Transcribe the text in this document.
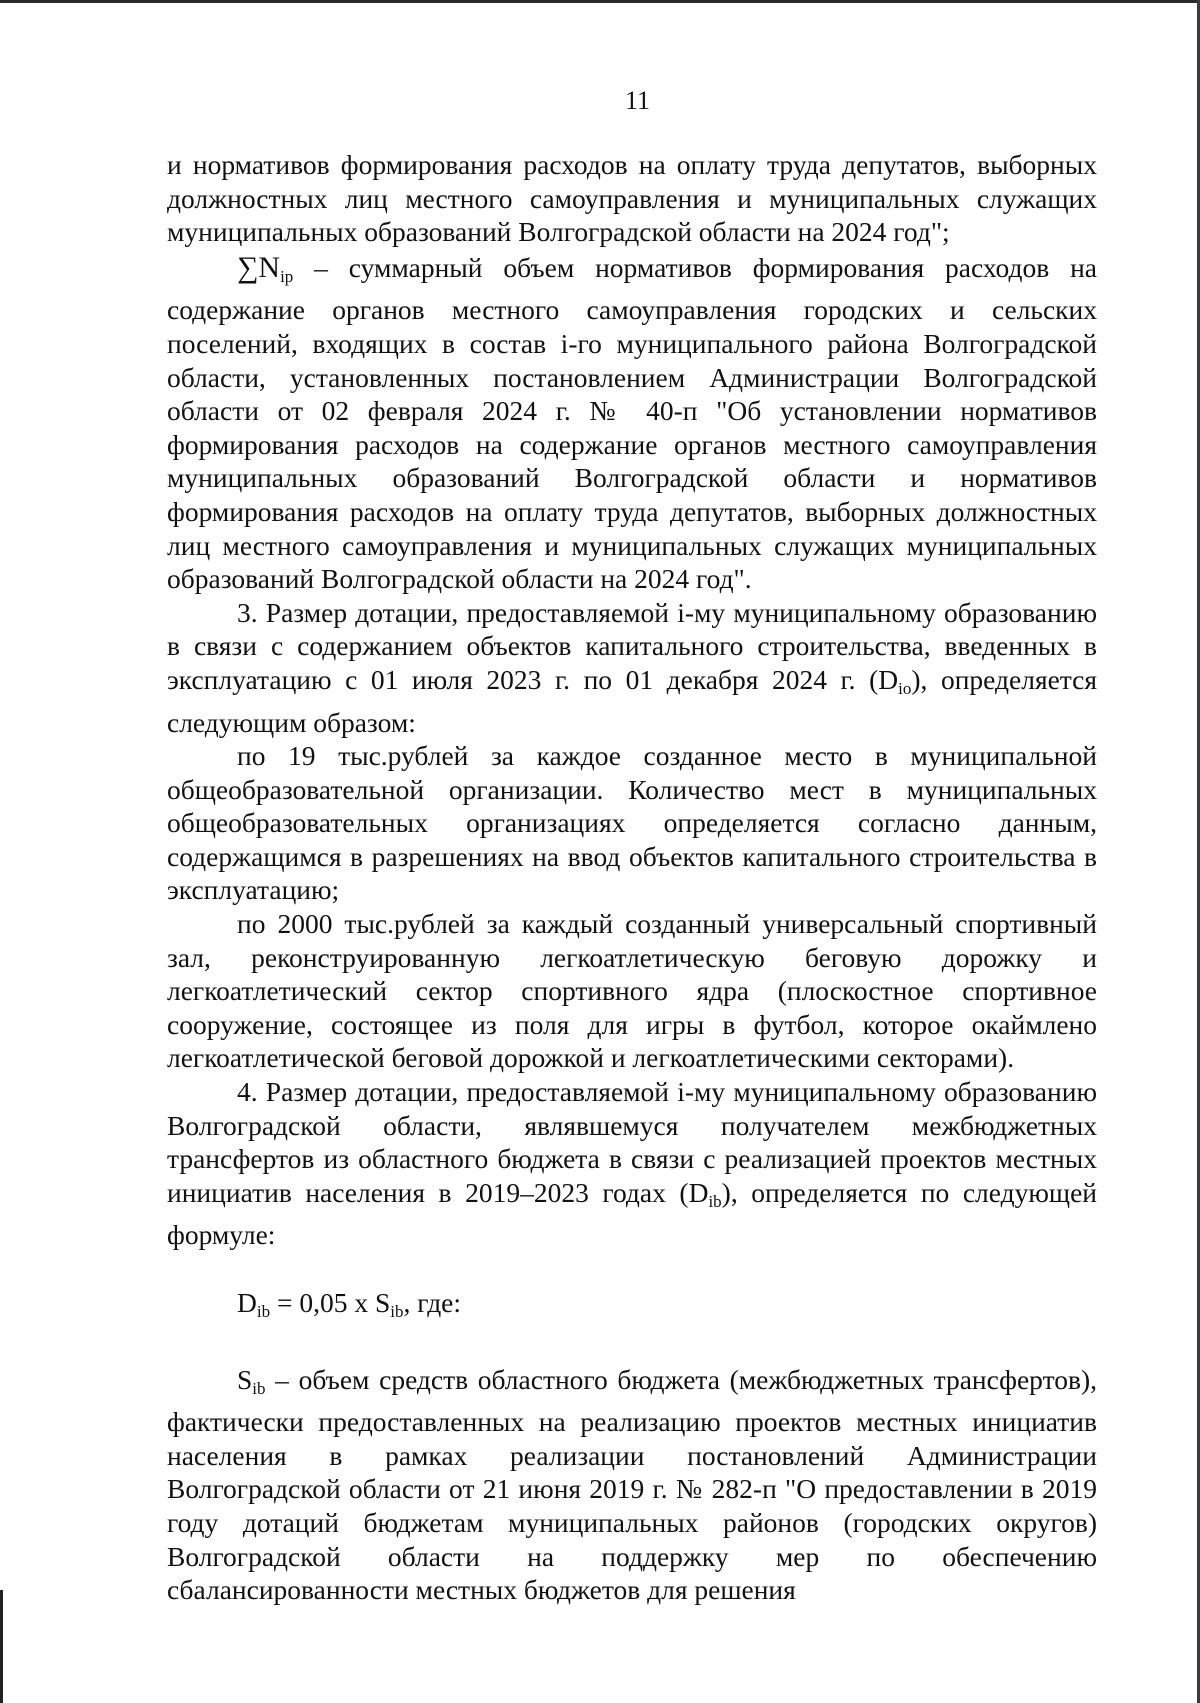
11

и нормативов формирования расходов на оплату труда депутатов, выборных должностных лиц местного самоуправления и муниципальных служащих муниципальных образований Волгоградской области на 2024 год";

$\sum N_{ip}$ – суммарный объем нормативов формирования расходов на содержание органов местного самоуправления городских и сельских поселений, входящих в состав i-го муниципального района Волгоградской области, установленных постановлением Администрации Волгоградской области от 02 февраля 2024 г. № 40-п "Об установлении нормативов формирования расходов на содержание органов местного самоуправления муниципальных образований Волгоградской области и нормативов формирования расходов на оплату труда депутатов, выборных должностных лиц местного самоуправления и муниципальных служащих муниципальных образований Волгоградской области на 2024 год".

3. Размер дотации, предоставляемой i-му муниципальному образованию в связи с содержанием объектов капитального строительства, введенных в эксплуатацию с 01 июля 2023 г. по 01 декабря 2024 г. $(D_{io})$, определяется следующим образом:

по 19 тыс.рублей за каждое созданное место в муниципальной общеобразовательной организации. Количество мест в муниципальных общеобразовательных организациях определяется согласно данным, содержащимся в разрешениях на ввод объектов капитального строительства в эксплуатацию;

по 2000 тыс.рублей за каждый созданный универсальный спортивный зал, реконструированную легкоатлетическую беговую дорожку и легкоатлетический сектор спортивного ядра (плоскостное спортивное сооружение, состоящее из поля для игры в футбол, которое окаймлено легкоатлетической беговой дорожкой и легкоатлетическими секторами).

4. Размер дотации, предоставляемой i-му муниципальному образованию Волгоградской области, являвшемуся получателем межбюджетных трансфертов из областного бюджета в связи с реализацией проектов местных инициатив населения в 2019–2023 годах $(D_{ib})$, определяется по следующей формуле:

$D_{ib} = 0,05$ x $S_{ib}$, где:

$S_{ib}$ – объем средств областного бюджета (межбюджетных трансфертов), фактически предоставленных на реализацию проектов местных инициатив населения в рамках реализации постановлений Администрации Волгоградской области от 21 июня 2019 г. № 282-п "О предоставлении в 2019 году дотаций бюджетам муниципальных районов (городских округов) Волгоградской области на поддержку мер по обеспечению сбалансированности местных бюджетов для решения
